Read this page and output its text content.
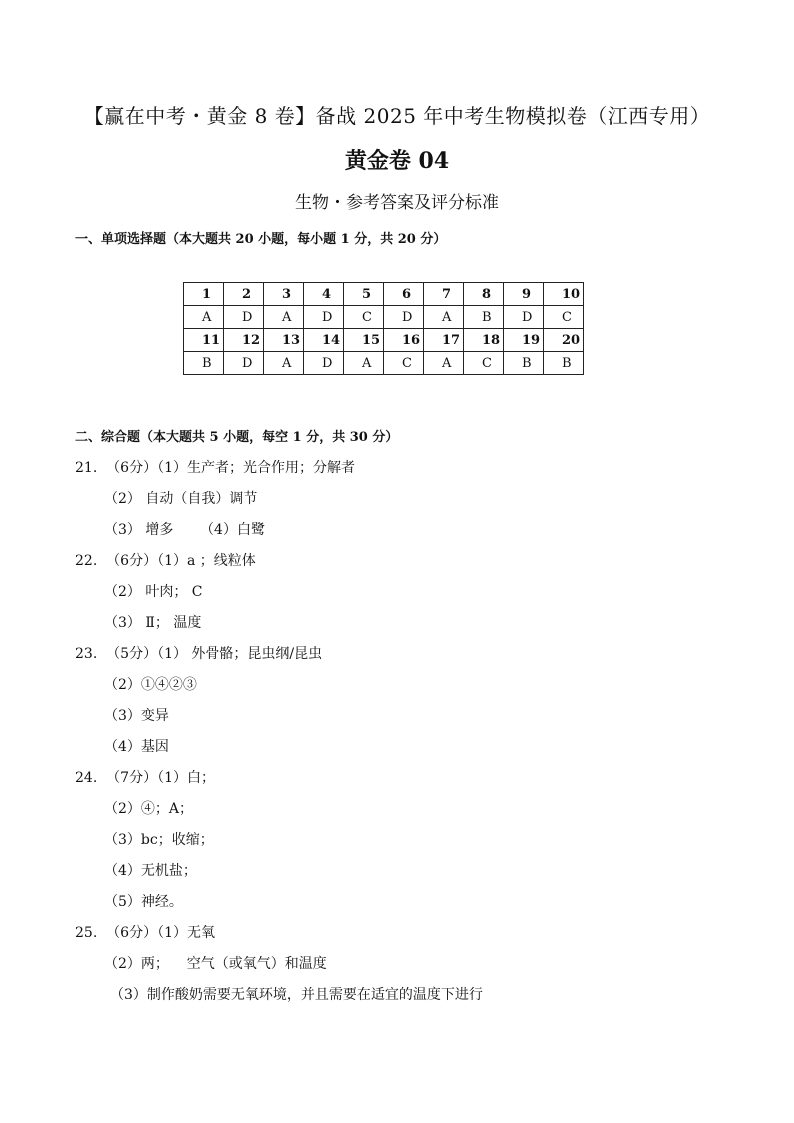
【赢在中考・黄金 8 卷】备战 2025 年中考生物模拟卷（江西专用）
黄金卷 04
生物・参考答案及评分标准
一、单项选择题（本大题共 20 小题，每小题 1 分，共 20 分）
1	2	3	4	5	6	7	8	9	10
A	D	A	D	C	D	A	B	D	C
11	12	13	14	15	16	17	18	19	20
B	D	A	D	A	C	A	C	B	B
二、综合题（本大题共 5 小题，每空 1 分，共 30 分）
21.  （6分）（1）生产者；光合作用；分解者
（2） 自动（自我）调节
（3） 增多      （4）白鹭
22.  （6分）（1）a ；线粒体
（2） 叶肉； C
（3） Ⅱ； 温度
23.  （5分）（1） 外骨骼；昆虫纲/昆虫
（2）①④②③
（3）变异
（4）基因
24.  （7分）（1）白；
（2）④；A；
（3）bc；收缩；
（4）无机盐；
（5）神经。
25.  （6分）（1）无氧
（2）两；    空气（或氧气）和温度
（3）制作酸奶需要无氧环境，并且需要在适宜的温度下进行
